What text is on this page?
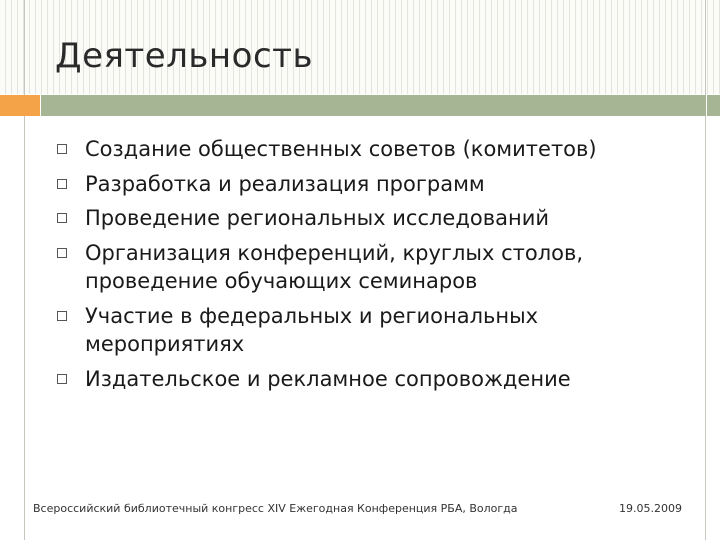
Деятельность
Создание общественных советов (комитетов)
Разработка и реализация программ
Проведение региональных исследований
Организация конференций, круглых столов, проведение обучающих семинаров
Участие в федеральных и региональных мероприятиях
Издательское и рекламное сопровождение
Всероссийский библиотечный конгресс XIV Ежегодная Конференция РБА, Вологда	19.05.2009
